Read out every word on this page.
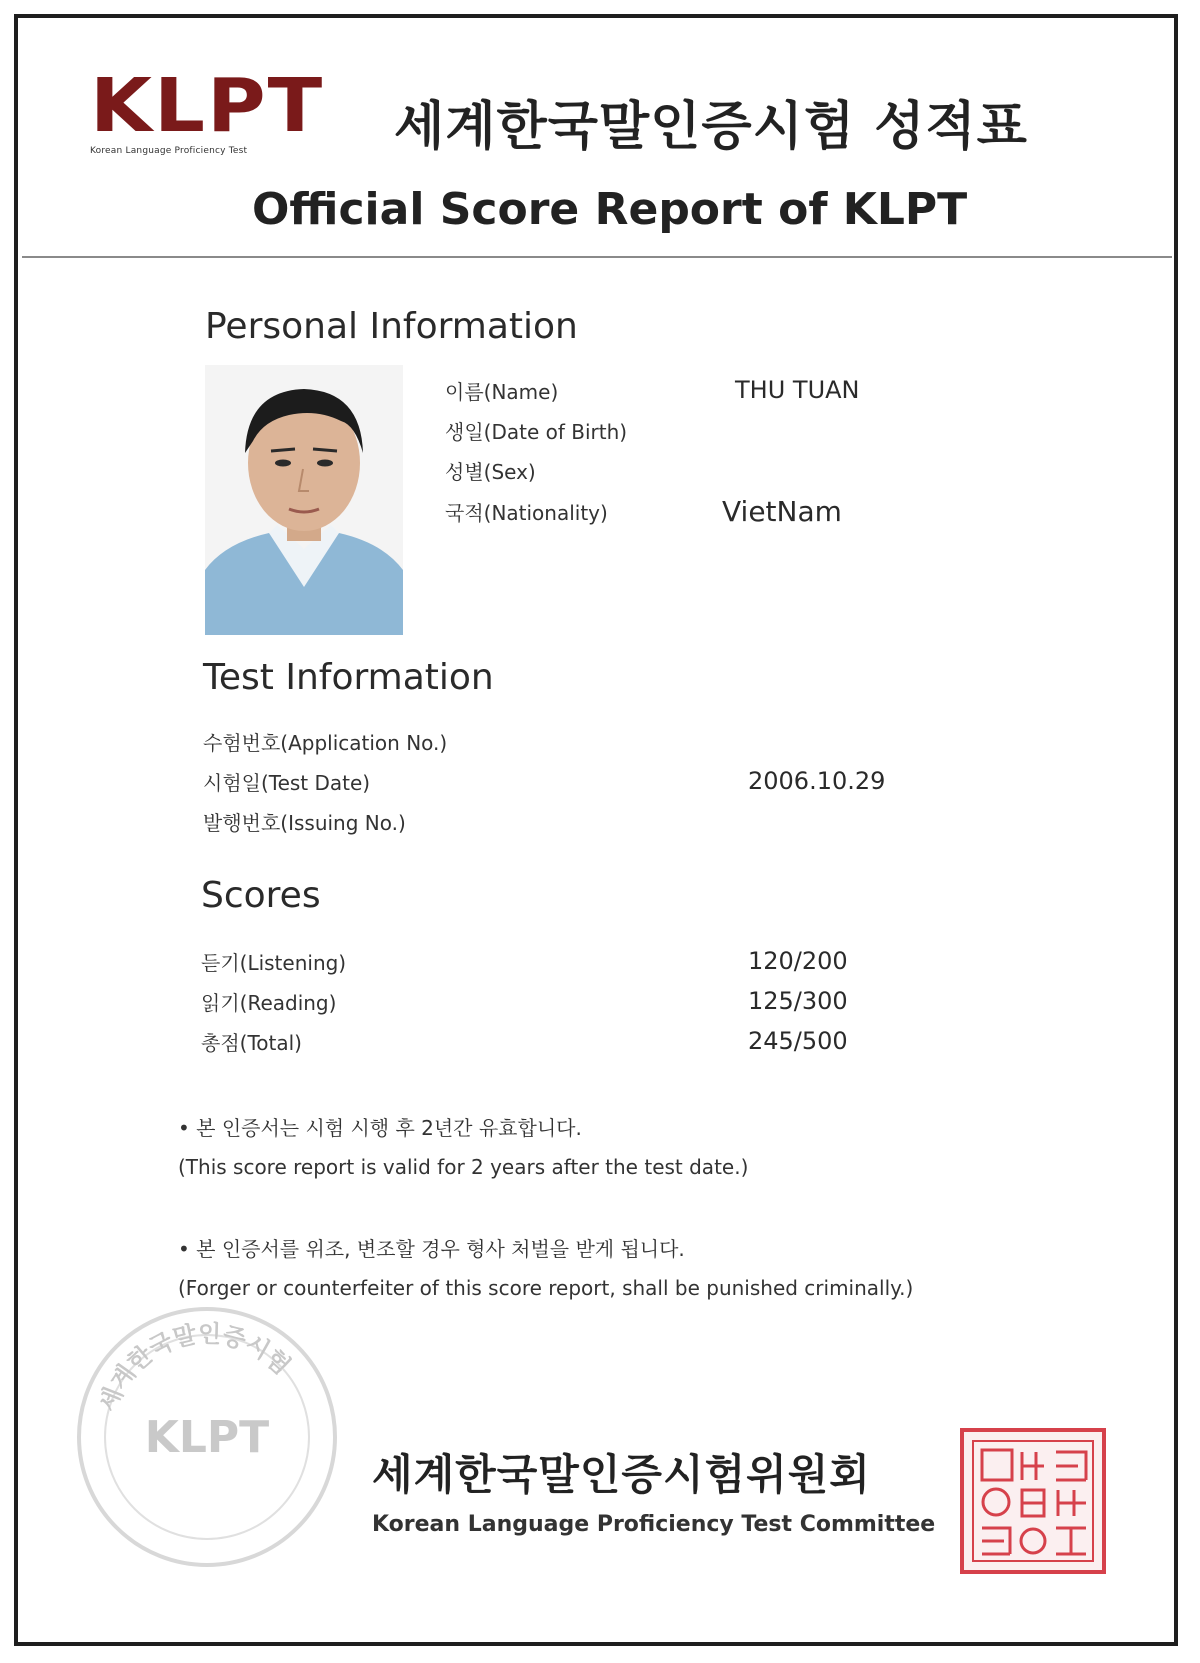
KLPT
Korean Language Proficiency Test	세계한국말인증시험 성적표
Official Score Report of KLPT
Personal Information
이름(Name)	THU TUAN
생일(Date of Birth)
성별(Sex)
국적(Nationality)	VietNam
Test Information
수험번호(Application No.)
시험일(Test Date)	2006.10.29
발행번호(Issuing No.)
Scores
듣기(Listening)	120/200
읽기(Reading)	125/300
총점(Total)	245/500
• 본 인증서는 시험 시행 후 2년간 유효합니다.
(This score report is valid for 2 years after the test date.)
• 본 인증서를 위조, 변조할 경우 형사 처벌을 받게 됩니다.
(Forger or counterfeiter of this score report, shall be punished criminally.)
세계한국말인증시험
KLPT
세계한국말인증시험위원회
Korean Language Proficiency Test Committee
